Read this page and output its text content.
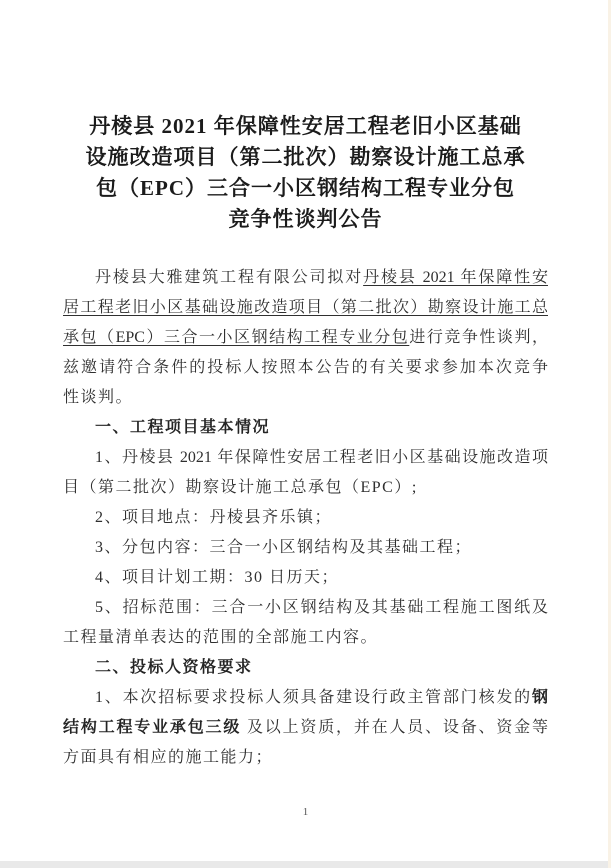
丹棱县 2021 年保障性安居工程老旧小区基础
设施改造项目（第二批次）勘察设计施工总承
包（EPC）三合一小区钢结构工程专业分包
竞争性谈判公告
丹棱县大雅建筑工程有限公司拟对丹棱县 2021 年保障性安
居工程老旧小区基础设施改造项目（第二批次）勘察设计施工总
承包（EPC）三合一小区钢结构工程专业分包进行竞争性谈判，
兹邀请符合条件的投标人按照本公告的有关要求参加本次竞争
性谈判。
一、工程项目基本情况
1、丹棱县 2021 年保障性安居工程老旧小区基础设施改造项
目（第二批次）勘察设计施工总承包（EPC）;
2、项目地点：丹棱县齐乐镇；
3、分包内容：三合一小区钢结构及其基础工程；
4、项目计划工期：30 日历天；
5、招标范围：三合一小区钢结构及其基础工程施工图纸及
工程量清单表达的范围的全部施工内容。
二、投标人资格要求
1、本次招标要求投标人须具备建设行政主管部门核发的钢
结构工程专业承包三级 及以上资质，并在人员、设备、资金等
方面具有相应的施工能力；
1
